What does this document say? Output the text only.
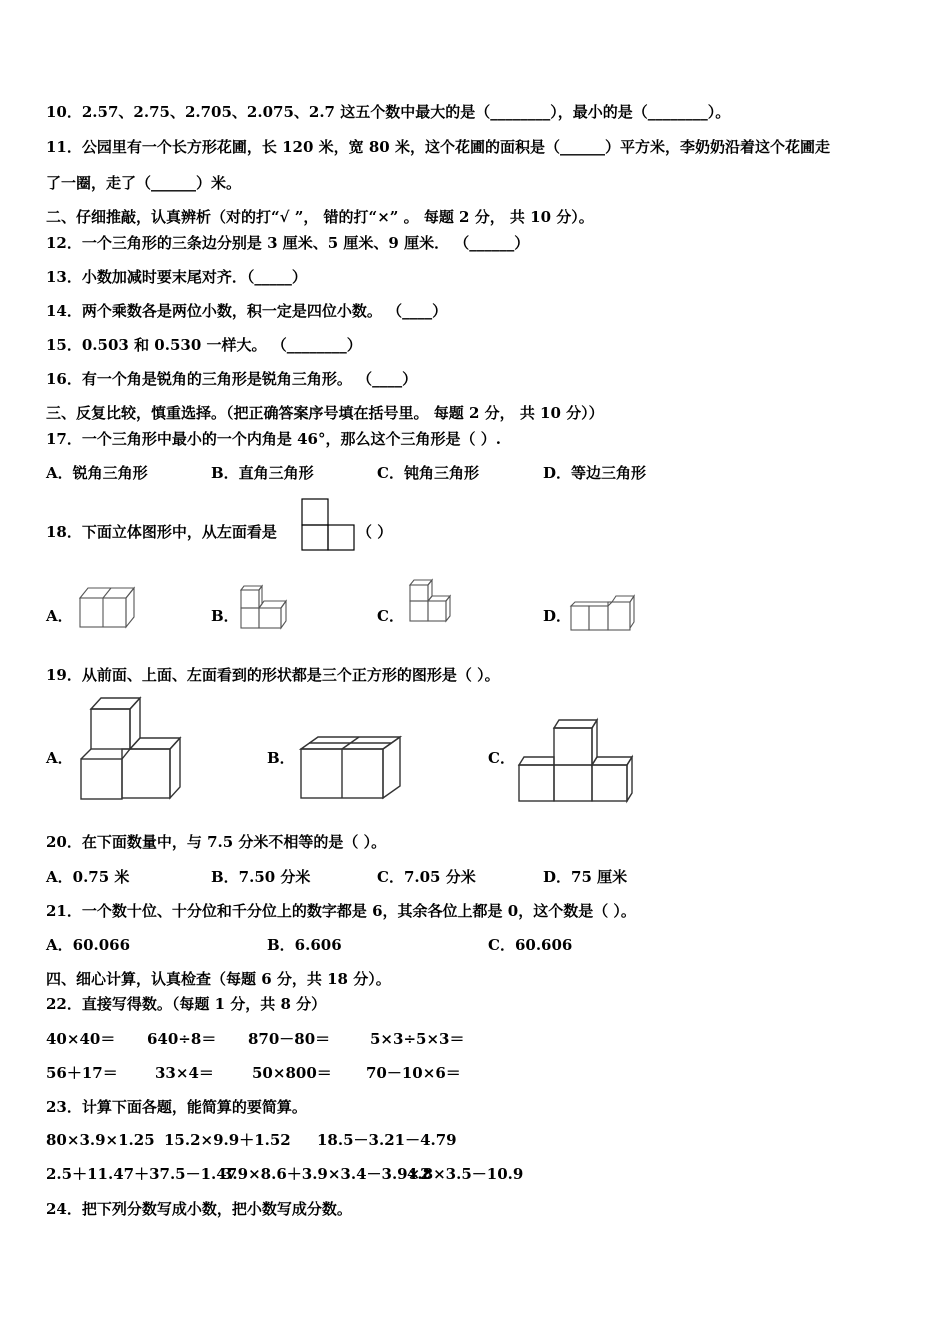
10．2.57、2.75、2.705、2.075、2.7 这五个数中最大的是（________），最小的是（________）。
11．公园里有一个长方形花圃，长 120 米，宽 80 米，这个花圃的面积是（______）平方米，李奶奶沿着这个花圃走
了一圈，走了（______）米。
二、仔细推敲，认真辨析（对的打“√ ”， 错的打“×” 。 每题 2 分， 共 10 分）。
12．一个三角形的三条边分别是 3 厘米、5 厘米、9 厘米． （______）
13．小数加减时要末尾对齐．（_____）
14．两个乘数各是两位小数，积一定是四位小数。 （____）
15．0.503 和 0.530 一样大。 （________）
16．有一个角是锐角的三角形是锐角三角形。 （____）
三、反复比较，慎重选择。（把正确答案序号填在括号里。 每题 2 分， 共 10 分））
17．一个三角形中最小的一个内角是 46°，那么这个三角形是（ ）.
A．锐角三角形	B．直角三角形	C．钝角三角形	D．等边三角形
18．下面立体图形中，从左面看是	（ ）
A．	B．	C．	D．
19．从前面、上面、左面看到的形状都是三个正方形的图形是（ ）。
A．	B．	C．
20．在下面数量中，与 7.5 分米不相等的是（ ）。
A．0.75 米	B．7.50 分米	C．7.05 分米	D．75 厘米
21．一个数十位、十分位和千分位上的数字都是 6，其余各位上都是 0，这个数是（ ）。
A．60.066	B．6.606	C．60.606
四、细心计算，认真检查（每题 6 分，共 18 分）。
22．直接写得数。（每题 1 分，共 8 分）
40×40＝ 640÷8＝ 870－80＝	5×3÷5×3＝
56＋17＝ 33×4＝	50×800＝ 70－10×6＝
23．计算下面各题，能简算的要简算。
80×3.9×1.25 15.2×9.9＋1.52 18.5－3.21－4.79
2.5＋11.47＋37.5－1.47
3.9×8.6＋3.9×3.4－3.9×2
4.8×3.5－10.9
24．把下列分数写成小数，把小数写成分数。
